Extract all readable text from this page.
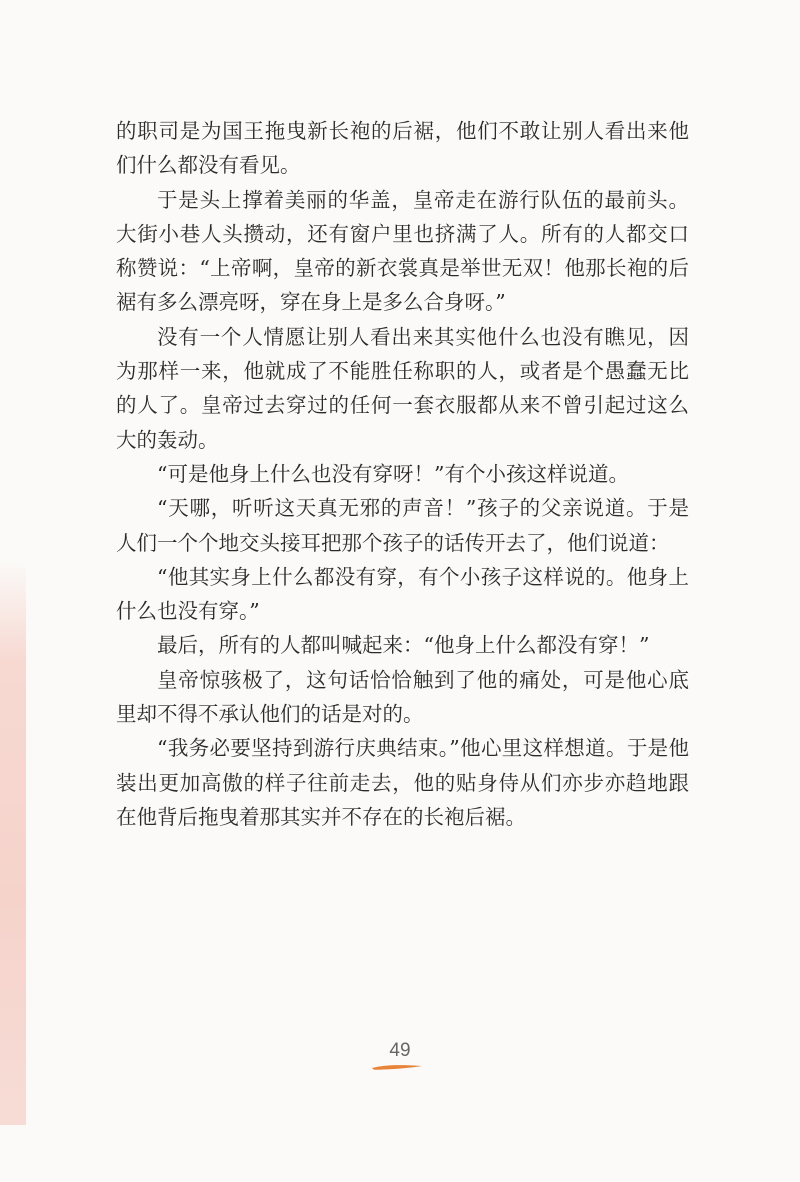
的职司是为国王拖曳新长袍的后裾，他们不敢让别人看出来他们什么都没有看见。

于是头上撑着美丽的华盖，皇帝走在游行队伍的最前头。大街小巷人头攒动，还有窗户里也挤满了人。所有的人都交口称赞说：“上帝啊，皇帝的新衣裳真是举世无双！他那长袍的后裾有多么漂亮呀，穿在身上是多么合身呀。”

没有一个人情愿让别人看出来其实他什么也没有瞧见，因为那样一来，他就成了不能胜任称职的人，或者是个愚蠢无比的人了。皇帝过去穿过的任何一套衣服都从来不曾引起过这么大的轰动。

“可是他身上什么也没有穿呀！”有个小孩这样说道。

“天哪，听听这天真无邪的声音！”孩子的父亲说道。于是人们一个个地交头接耳把那个孩子的话传开去了，他们说道：

“他其实身上什么都没有穿，有个小孩子这样说的。他身上什么也没有穿。”

最后，所有的人都叫喊起来：“他身上什么都没有穿！”

皇帝惊骇极了，这句话恰恰触到了他的痛处，可是他心底里却不得不承认他们的话是对的。

“我务必要坚持到游行庆典结束。”他心里这样想道。于是他装出更加高傲的样子往前走去，他的贴身侍从们亦步亦趋地跟在他背后拖曳着那其实并不存在的长袍后裾。

49
